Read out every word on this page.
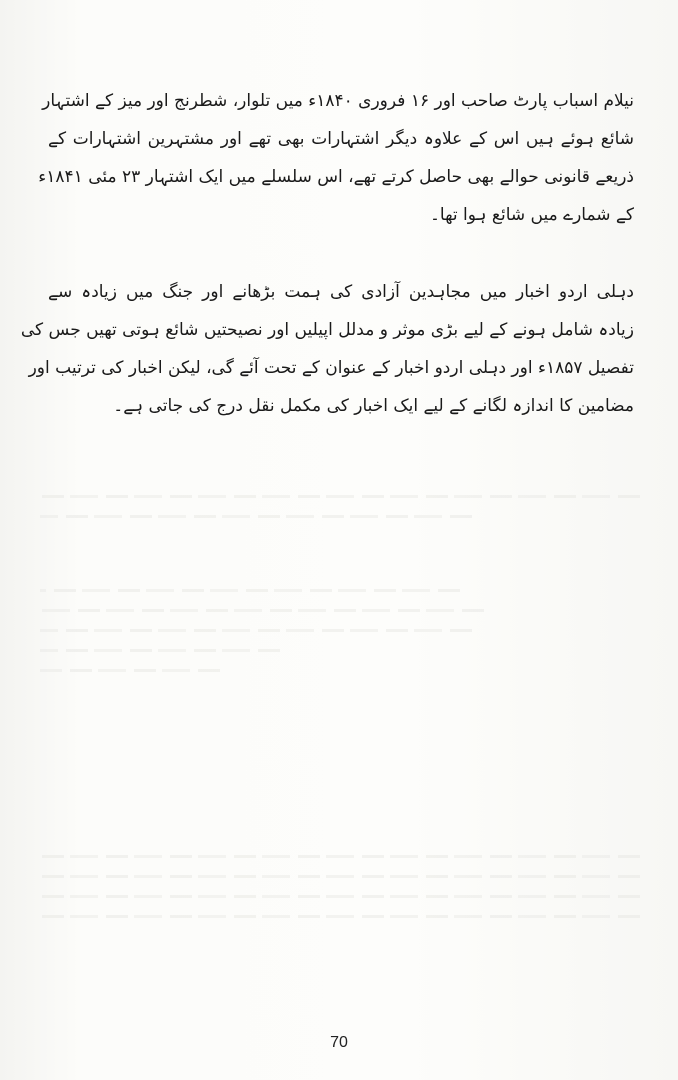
نیلام اسباب پارٹ صاحب اور ۱۶ فروری ۱۸۴۰ء میں تلوار، شطرنج اور میز کے اشتہار
شائع ہوئے ہیں اس کے علاوہ دیگر اشتہارات بھی تھے اور مشتہرین اشتہارات کے
ذریعے قانونی حوالے بھی حاصل کرتے تھے، اس سلسلے میں ایک اشتہار ۲۳ مئی ۱۸۴۱ء
کے شمارے میں شائع ہوا تھا۔
دہلی اردو اخبار میں مجاہدین آزادی کی ہمت بڑھانے اور جنگ میں زیادہ سے
زیادہ شامل ہونے کے لیے بڑی موثر و مدلل اپیلیں اور نصیحتیں شائع ہوتی تھیں جس کی
تفصیل ۱۸۵۷ء اور دہلی اردو اخبار کے عنوان کے تحت آئے گی، لیکن اخبار کی ترتیب اور
مضامین کا اندازہ لگانے کے لیے ایک اخبار کی مکمل نقل درج کی جاتی ہے۔
70
